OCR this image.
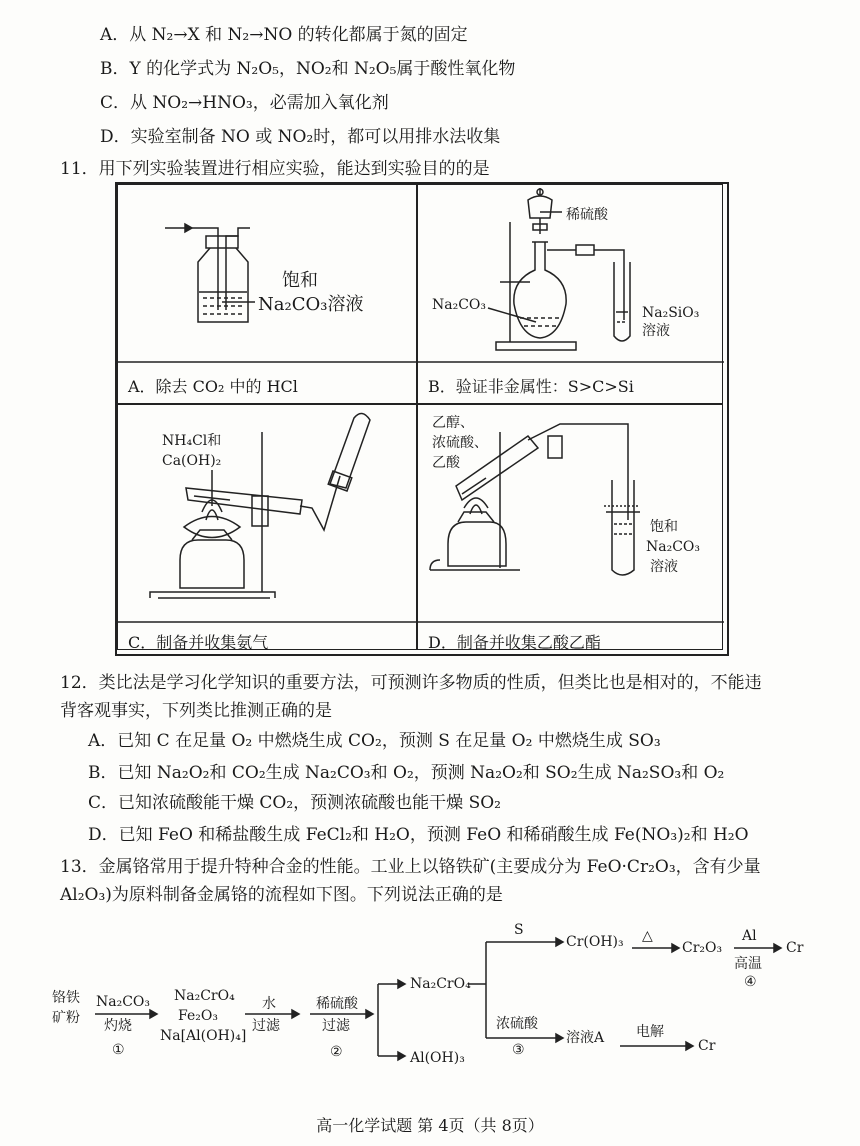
A．从 N₂→X 和 N₂→NO 的转化都属于氮的固定
B．Y 的化学式为 N₂O₅，NO₂和 N₂O₅属于酸性氧化物
C．从 NO₂→HNO₃，必需加入氧化剂
D．实验室制备 NO 或 NO₂时，都可以用排水法收集
11．用下列实验装置进行相应实验，能达到实验目的的是
饱和
Na₂CO₃溶液
A．除去 CO₂ 中的 HCl
稀硫酸
Na₂CO₃	Na₂SiO₃
溶液
B．验证非金属性：S>C>Si
NH₄Cl和
Ca(OH)₂
C．制备并收集氨气
乙醇、
浓硫酸、
乙酸
饱和
Na₂CO₃
溶液
D．制备并收集乙酸乙酯
12．类比法是学习化学知识的重要方法，可预测许多物质的性质，但类比也是相对的，不能违
背客观事实，下列类比推测正确的是
A．已知 C 在足量 O₂ 中燃烧生成 CO₂，预测 S 在足量 O₂ 中燃烧生成 SO₃
B．已知 Na₂O₂和 CO₂生成 Na₂CO₃和 O₂，预测 Na₂O₂和 SO₂生成 Na₂SO₃和 O₂
C．已知浓硫酸能干燥 CO₂，预测浓硫酸也能干燥 SO₂
D．已知 FeO 和稀盐酸生成 FeCl₂和 H₂O，预测 FeO 和稀硝酸生成 Fe(NO₃)₂和 H₂O
13．金属铬常用于提升特种合金的性能。工业上以铬铁矿(主要成分为 FeO·Cr₂O₃，含有少量
Al₂O₃)为原料制备金属铬的流程如下图。下列说法正确的是
铬铁
矿粉
Na₂CO₃
灼烧
①
Na₂CrO₄
Fe₂O₃
Na[Al(OH)₄]
水
过滤
稀硫酸
过滤
②
Na₂CrO₄
Al(OH)₃
S
Cr(OH)₃ △
Cr₂O₃
Al
高温
④
Cr
浓硫酸
溶液A
③
电解
Cr
高一化学试题 第 4页（共 8页）
